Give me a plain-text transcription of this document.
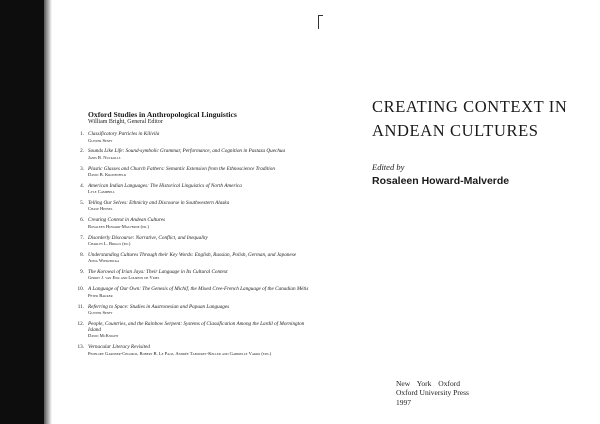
Oxford Studies in Anthropological Linguistics

William Bright, General Editor

1. Classificatory Particles in Kilivila
Gunter Senft
2. Sounds Like Life: Sound-symbolic Grammar, Performance, and Cognition in Pastaza Quechua
Janis B. Nuckolls
3. Plastic Glasses and Church Fathers: Semantic Extension from the Ethnoscience Tradition
David B. Kronenfeld
4. American Indian Languages: The Historical Linguistics of North America
Lyle Campbell
5. Telling Our Selves: Ethnicity and Discourse in Southwestern Alaska
Chase Hensel
6. Creating Context in Andean Cultures
Rosaleen Howard-Malverde (ed.)
7. Disorderly Discourse: Narrative, Conflict, and Inequality
Charles L. Briggs (ed.)
8. Understanding Cultures Through their Key Words: English, Russian, Polish, German, and Japanese
Anna Wierzbicka
9. The Korowai of Irian Jaya: Their Language in Its Cultural Context
Gerrit J. van Enk and Lourens de Vries
10. A Language of Our Own: The Genesis of Michif, the Mixed Cree-French Language of the Canadian Métis
Peter Bakker
11. Referring to Space: Studies in Austronesian and Papuan Languages
Gunter Senft
12. People, Countries, and the Rainbow Serpent: Systems of Classification Among the Lardil of Mornington Island
David McKnight
13. Vernacular Literacy Revisited
Penelope Gardner-Chloros, Robert B. Le Page, Andrée Tabouret-Keller and Gabrielle Varro (eds.)
CREATING CONTEXT IN
ANDEAN CULTURES
Edited by
Rosaleen Howard-Malverde
New York Oxford
Oxford University Press
1997
